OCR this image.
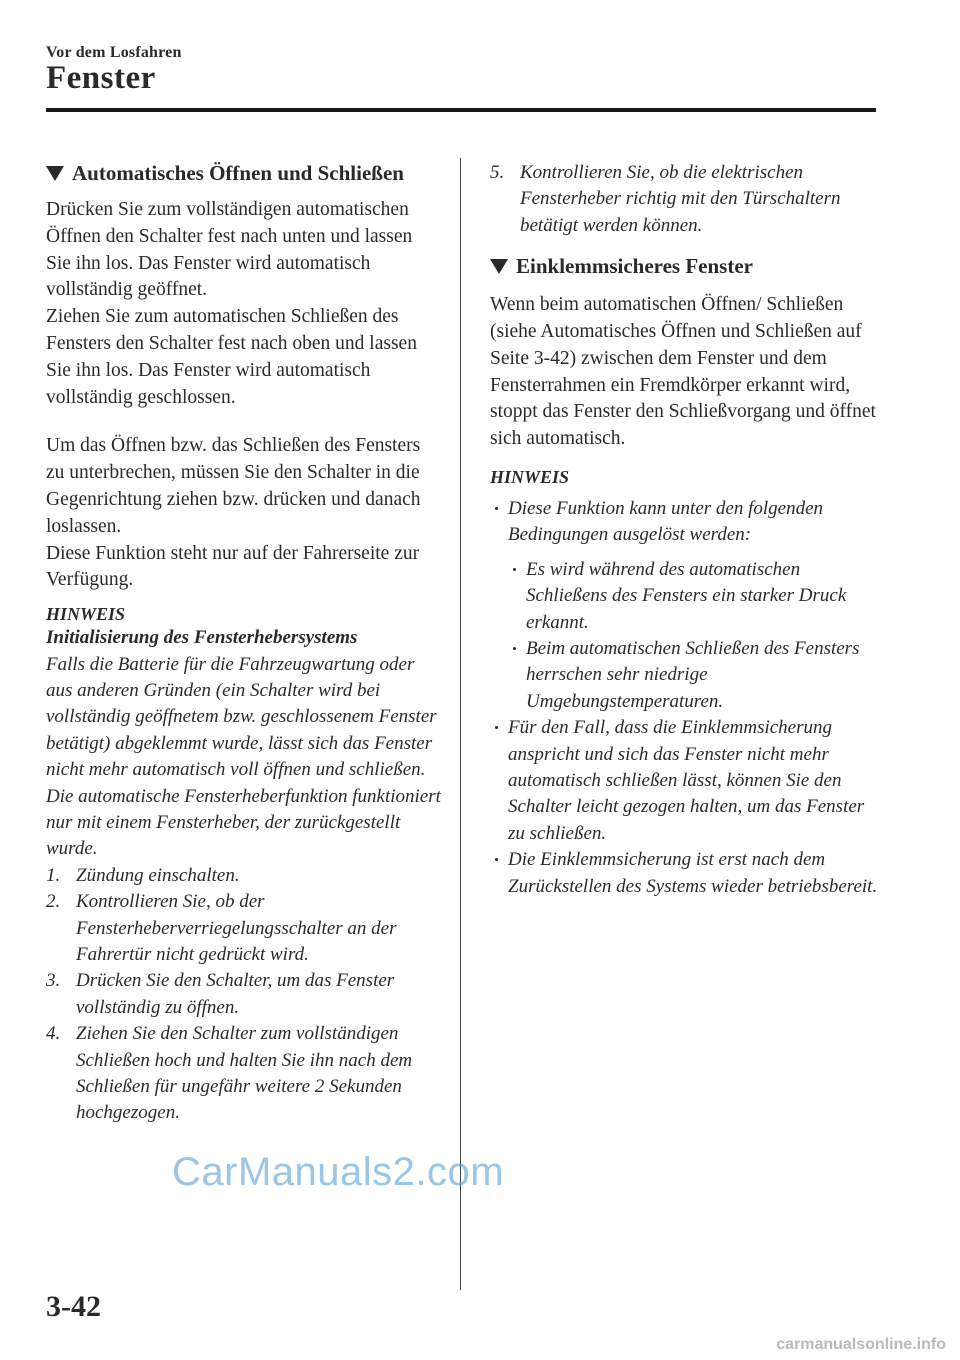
Vor dem Losfahren
Fenster
Automatisches Öffnen und Schließen

Drücken Sie zum vollständigen automatischen Öffnen den Schalter fest nach unten und lassen Sie ihn los. Das Fenster wird automatisch vollständig geöffnet.

Ziehen Sie zum automatischen Schließen des Fensters den Schalter fest nach oben und lassen Sie ihn los. Das Fenster wird automatisch vollständig geschlossen.

Um das Öffnen bzw. das Schließen des Fensters zu unterbrechen, müssen Sie den Schalter in die Gegenrichtung ziehen bzw. drücken und danach loslassen.

Diese Funktion steht nur auf der Fahrerseite zur Verfügung.

HINWEIS
Initialisierung des Fensterhebersystems

Falls die Batterie für die Fahrzeugwartung oder aus anderen Gründen (ein Schalter wird bei vollständig geöffnetem bzw. geschlossenem Fenster betätigt) abgeklemmt wurde, lässt sich das Fenster nicht mehr automatisch voll öffnen und schließen.

Die automatische Fensterheberfunktion funktioniert nur mit einem Fensterheber, der zurückgestellt wurde.

1. Zündung einschalten.
2. Kontrollieren Sie, ob der Fensterheberverriegelungsschalter an der Fahrertür nicht gedrückt wird.
3. Drücken Sie den Schalter, um das Fenster vollständig zu öffnen.
4. Ziehen Sie den Schalter zum vollständigen Schließen hoch und halten Sie ihn nach dem Schließen für ungefähr weitere 2 Sekunden hochgezogen.
5. Kontrollieren Sie, ob die elektrischen Fensterheber richtig mit den Türschaltern betätigt werden können.
Einklemmsicheres Fenster

Wenn beim automatischen Öffnen/ Schließen (siehe Automatisches Öffnen und Schließen auf Seite 3-42) zwischen dem Fenster und dem Fensterrahmen ein Fremdkörper erkannt wird, stoppt das Fenster den Schließvorgang und öffnet sich automatisch.

HINWEIS
Diese Funktion kann unter den folgenden Bedingungen ausgelöst werden:
Es wird während des automatischen Schließens des Fensters ein starker Druck erkannt.
Beim automatischen Schließen des Fensters herrschen sehr niedrige Umgebungstemperaturen.
Für den Fall, dass die Einklemmsicherung anspricht und sich das Fenster nicht mehr automatisch schließen lässt, können Sie den Schalter leicht gezogen halten, um das Fenster zu schließen.
Die Einklemmsicherung ist erst nach dem Zurückstellen des Systems wieder betriebsbereit.
CarManuals2.com
3-42
carmanualsonline.info
